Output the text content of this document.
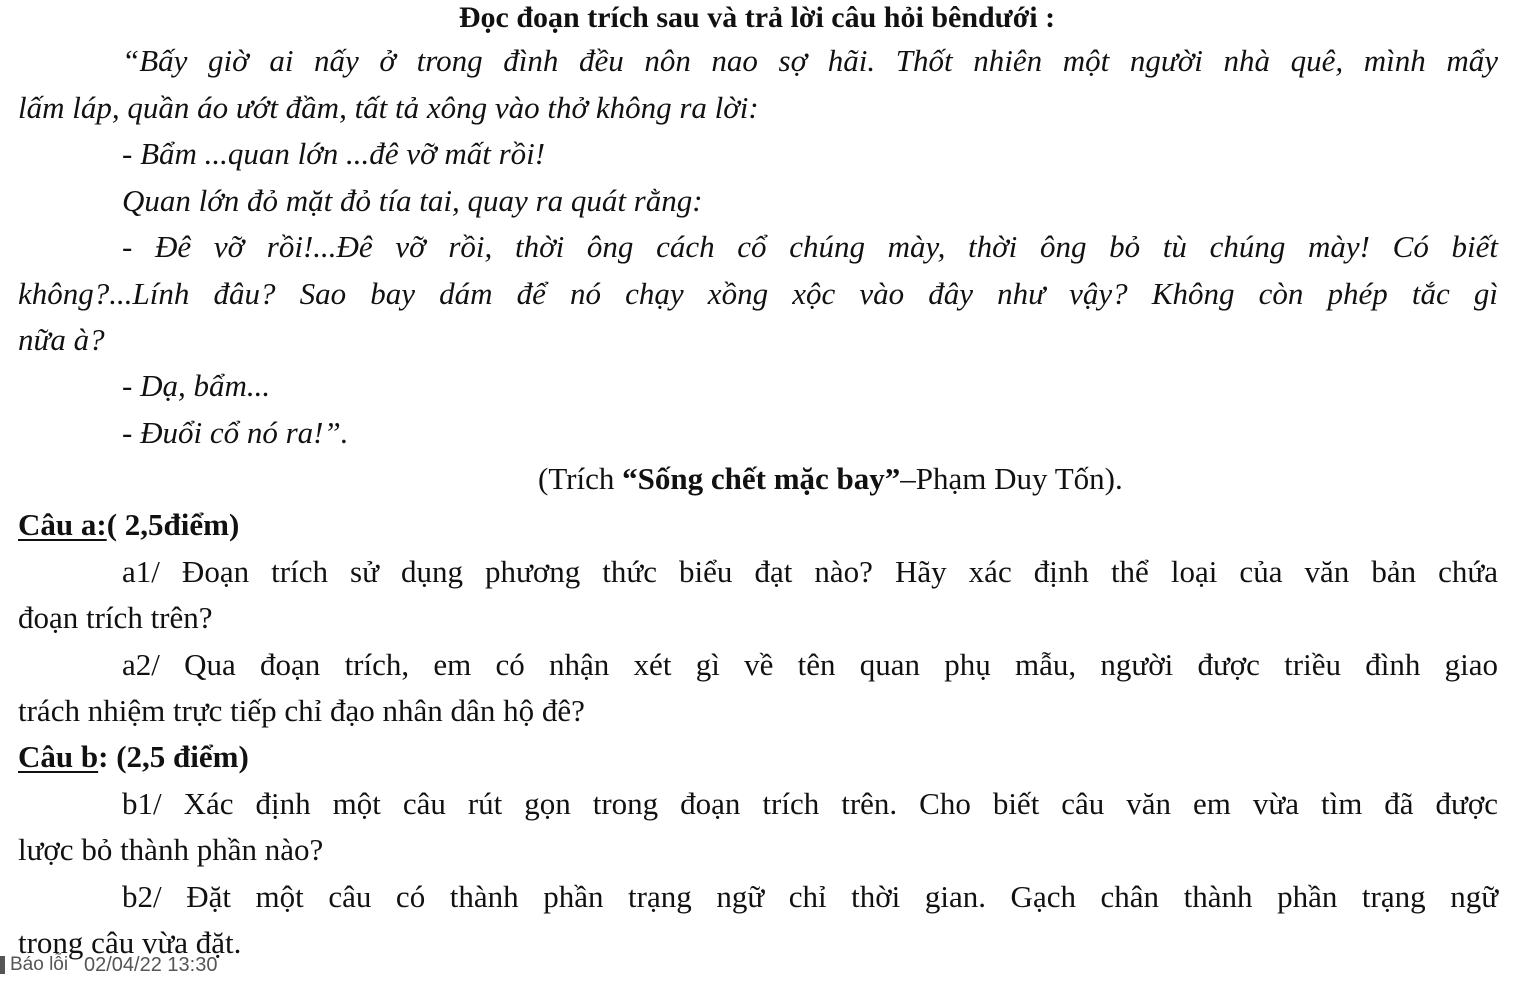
Đọc đoạn trích sau và trả lời câu hỏi bêndưới :
“Bấy giờ ai nấy ở trong đình đều nôn nao sợ hãi. Thốt nhiên một người nhà quê, mình mẩy
lấm láp, quần áo ướt đầm, tất tả xông vào thở không ra lời:
- Bẩm ...quan lớn ...đê vỡ mất rồi!
Quan lớn đỏ mặt đỏ tía tai, quay ra quát rằng:
- Đê vỡ rồi!...Đê vỡ rồi, thời ông cách cổ chúng mày, thời ông bỏ tù chúng mày! Có biết
không?...Lính đâu? Sao bay dám để nó chạy xồng xộc vào đây như vậy? Không còn phép tắc gì
nữa à?
- Dạ, bẩm...
- Đuổi cổ nó ra!”.
(Trích “Sống chết mặc bay”–Phạm Duy Tốn).
Câu a:( 2,5điểm)
a1/ Đoạn trích sử dụng phương thức biểu đạt nào? Hãy xác định thể loại của văn bản chứa
đoạn trích trên?
a2/ Qua đoạn trích, em có nhận xét gì về tên quan phụ mẫu, người được triều đình giao
trách nhiệm trực tiếp chỉ đạo nhân dân hộ đê?
Câu b: (2,5 điểm)
b1/ Xác định một câu rút gọn trong đoạn trích trên. Cho biết câu văn em vừa tìm đã được
lược bỏ thành phần nào?
b2/ Đặt một câu có thành phần trạng ngữ chỉ thời gian. Gạch chân thành phần trạng ngữ
trong câu vừa đặt.
Báo lỗi 02/04/22 13:30
